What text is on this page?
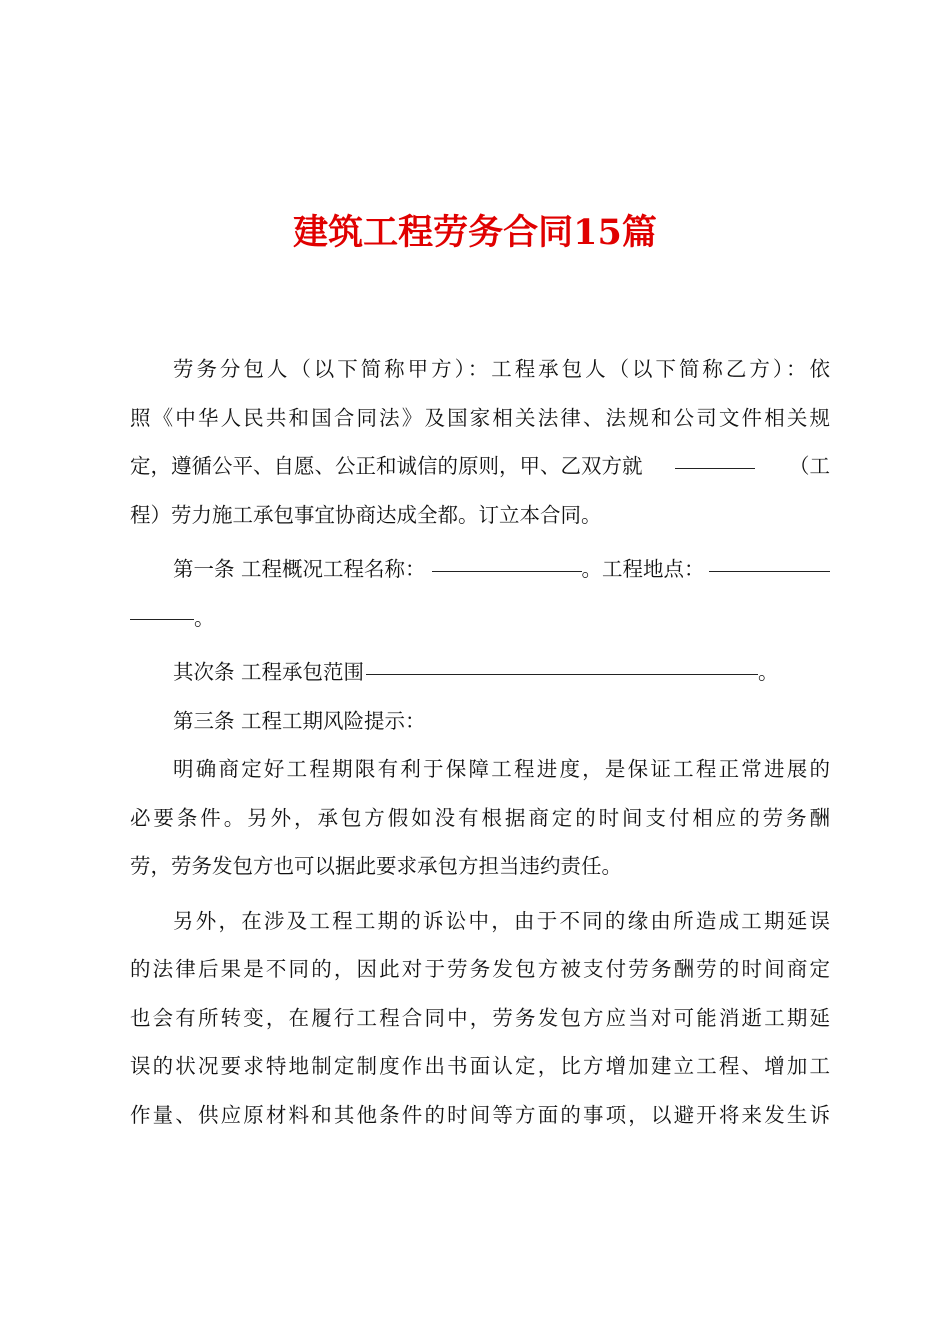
建筑工程劳务合同15篇
劳务分包人（以下简称甲方）：工程承包人（以下简称乙方）：依
照《中华人民共和国合同法》及国家相关法律、法规和公司文件相关规
定，遵循公平、自愿、公正和诚信的原则，甲、乙双方就	（工
程）劳力施工承包事宜协商达成全都。订立本合同。
第一条 工程概况工程名称：	。工程地点：
。
其次条 工程承包范围	。
第三条 工程工期风险提示：
明确商定好工程期限有利于保障工程进度，是保证工程正常进展的
必要条件。另外，承包方假如没有根据商定的时间支付相应的劳务酬
劳，劳务发包方也可以据此要求承包方担当违约责任。
另外，在涉及工程工期的诉讼中，由于不同的缘由所造成工期延误
的法律后果是不同的，因此对于劳务发包方被支付劳务酬劳的时间商定
也会有所转变，在履行工程合同中，劳务发包方应当对可能消逝工期延
误的状况要求特地制定制度作出书面认定，比方增加建立工程、增加工
作量、供应原材料和其他条件的时间等方面的事项，以避开将来发生诉
